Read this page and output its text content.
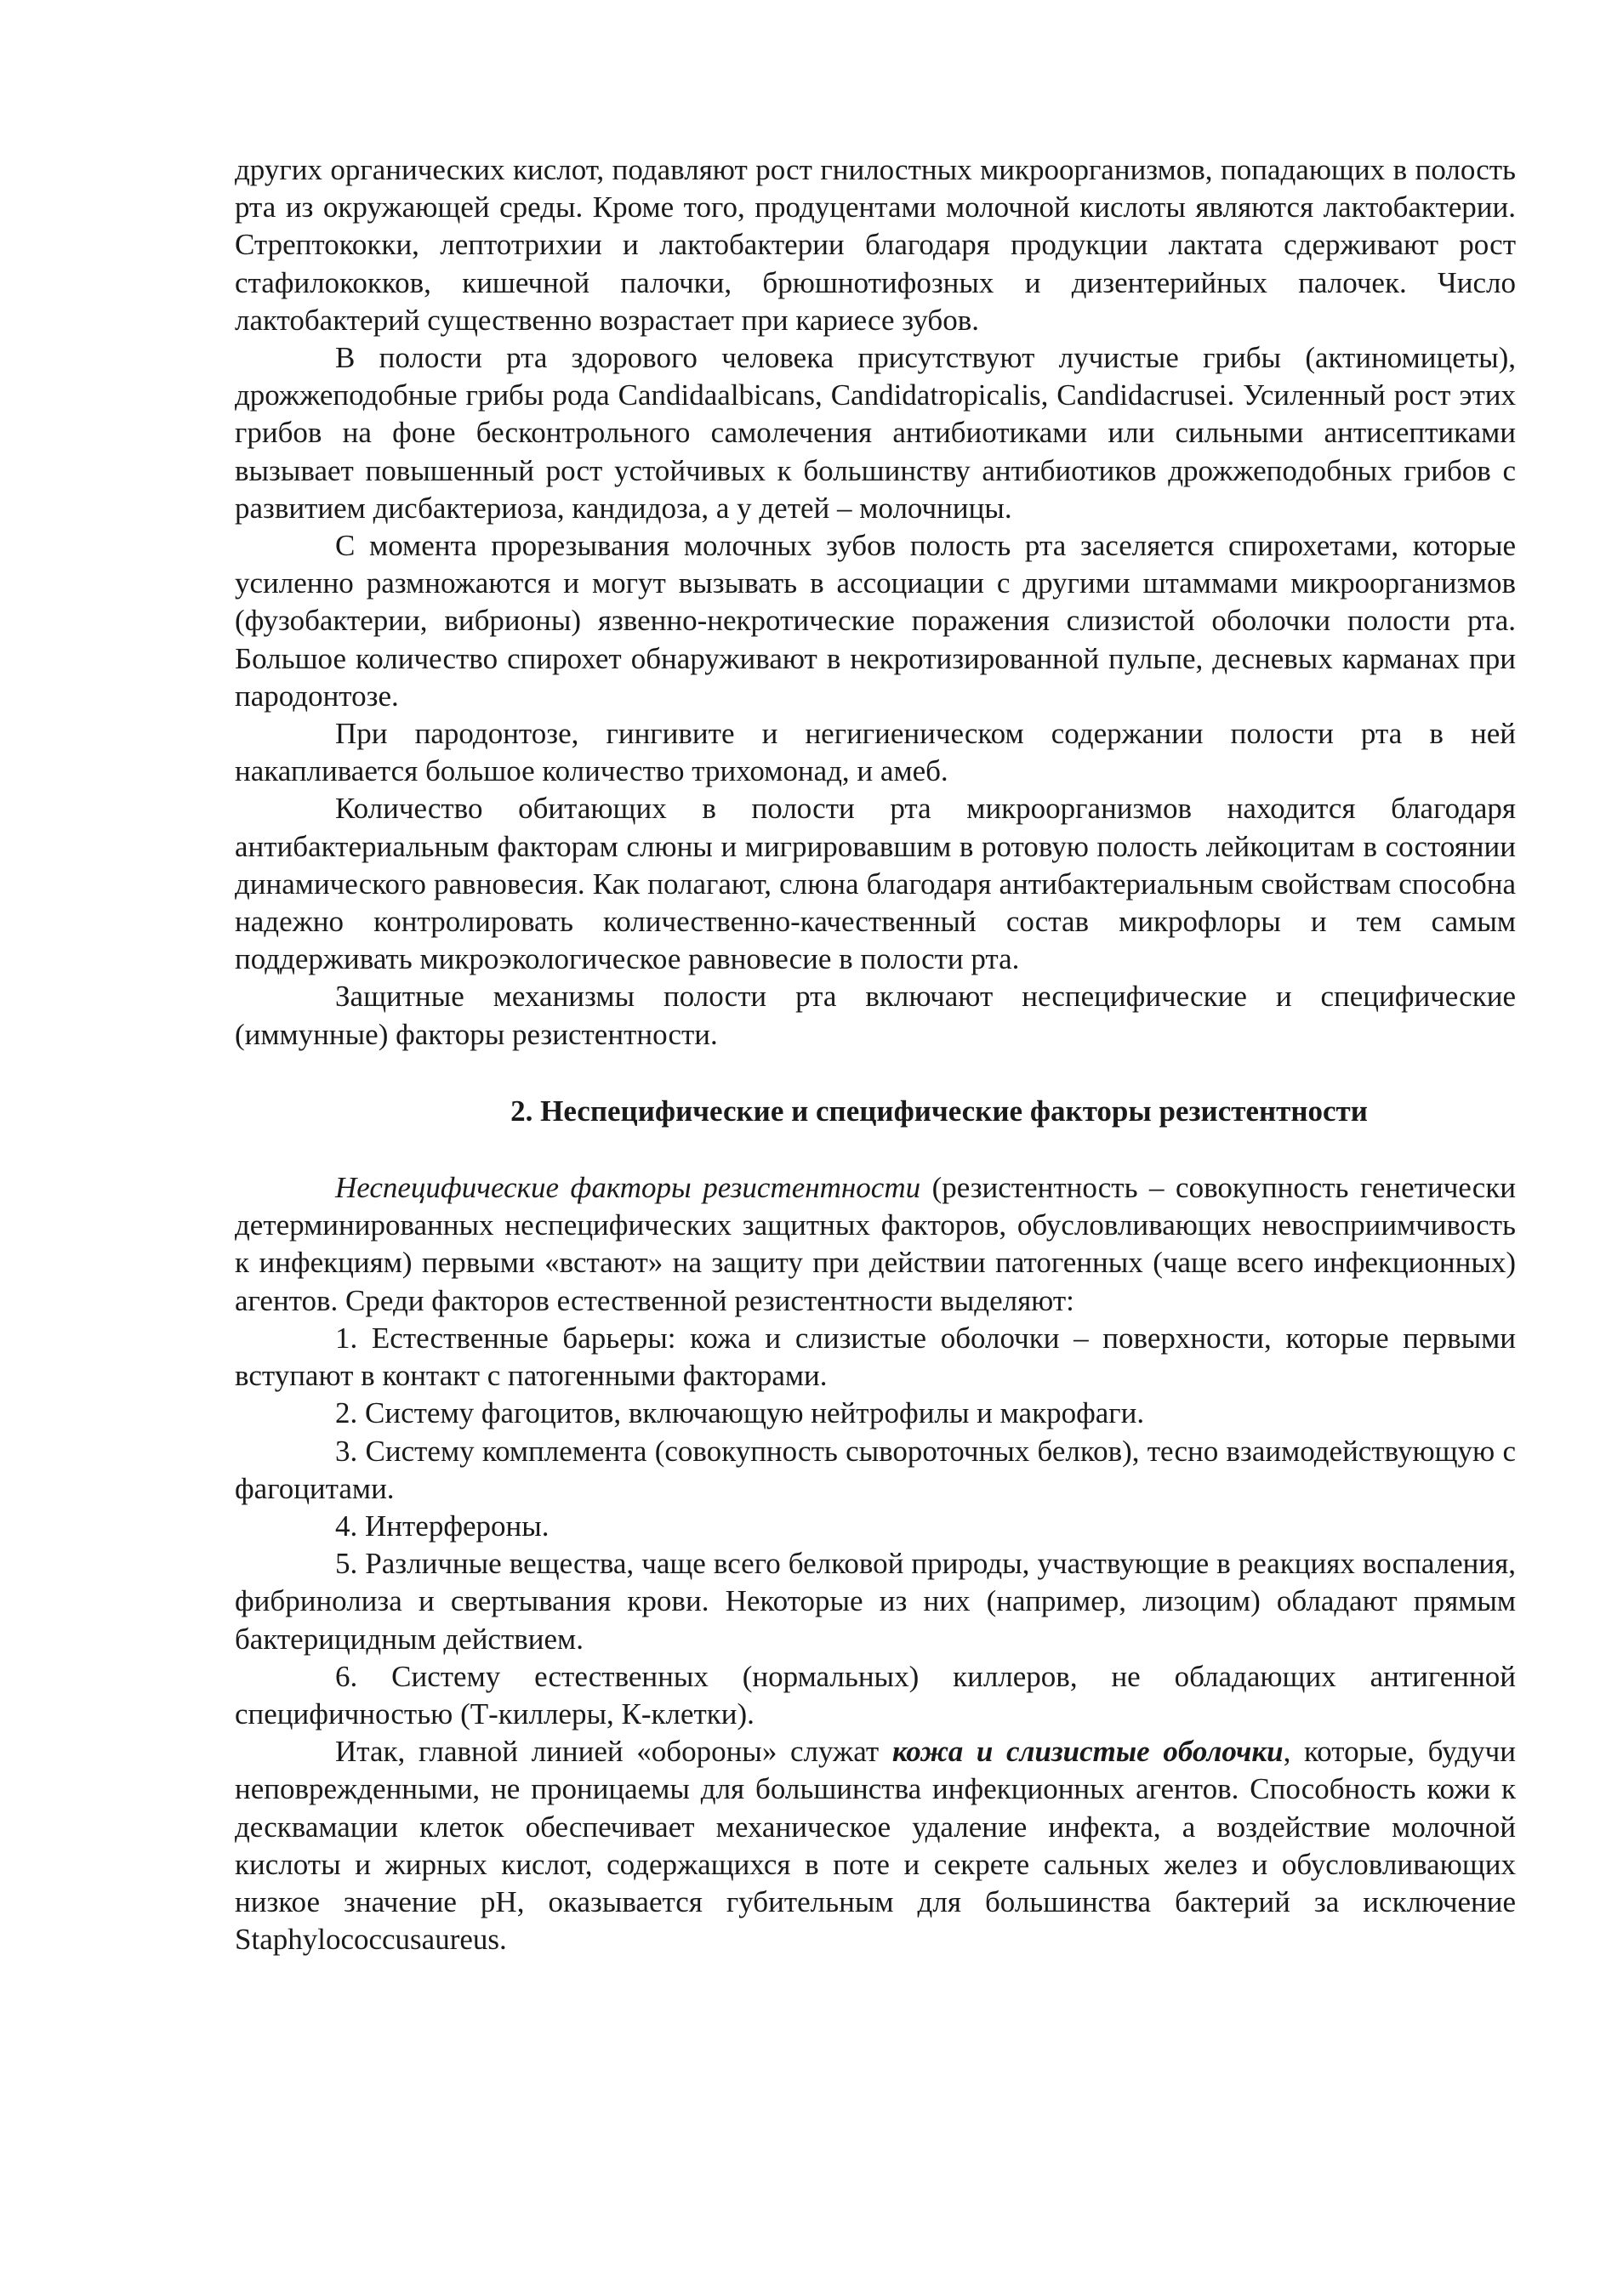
других органических кислот, подавляют рост гнилостных микроорганизмов, попадающих в полость рта из окружающей среды. Кроме того, продуцентами молочной кислоты являются лактобактерии. Стрептококки, лептотрихии и лактобактерии благодаря продукции лактата сдерживают рост стафилококков, кишечной палочки, брюшнотифозных и дизентерийных палочек. Число лактобактерий существенно возрастает при кариесе зубов.

В полости рта здорового человека присутствуют лучистые грибы (актиномицеты), дрожжеподобные грибы рода Candidaalbicans, Candidatropicalis, Candidacrusei. Усиленный рост этих грибов на фоне бесконтрольного самолечения антибиотиками или сильными антисептиками вызывает повышенный рост устойчивых к большинству антибиотиков дрожжеподобных грибов с развитием дисбактериоза, кандидоза, а у детей – молочницы.

С момента прорезывания молочных зубов полость рта заселяется спирохетами, которые усиленно размножаются и могут вызывать в ассоциации с другими штаммами микроорганизмов (фузобактерии, вибрионы) язвенно-некротические поражения слизистой оболочки полости рта. Большое количество спирохет обнаруживают в некротизированной пульпе, десневых карманах при пародонтозе.

При пародонтозе, гингивите и негигиеническом содержании полости рта в ней накапливается большое количество трихомонад, и амеб.

Количество обитающих в полости рта микроорганизмов находится благодаря антибактериальным факторам слюны и мигрировавшим в ротовую полость лейкоцитам в состоянии динамического равновесия. Как полагают, слюна благодаря антибактериальным свойствам способна надежно контролировать количественно-качественный состав микрофлоры и тем самым поддерживать микроэкологическое равновесие в полости рта.

Защитные механизмы полости рта включают неспецифические и специфические (иммунные) факторы резистентности.

2. Неспецифические и специфические факторы резистентности

Неспецифические факторы резистентности (резистентность – совокупность генетически детерминированных неспецифических защитных факторов, обусловливающих невосприимчивость к инфекциям) первыми «встают» на защиту при действии патогенных (чаще всего инфекционных) агентов. Среди факторов естественной резистентности выделяют:

1. Естественные барьеры: кожа и слизистые оболочки – поверхности, которые первыми вступают в контакт с патогенными факторами.

2. Систему фагоцитов, включающую нейтрофилы и макрофаги.

3. Систему комплемента (совокупность сывороточных белков), тесно взаимодействующую с фагоцитами.

4. Интерфероны.

5. Различные вещества, чаще всего белковой природы, участвующие в реакциях воспаления, фибринолиза и свертывания крови. Некоторые из них (например, лизоцим) обладают прямым бактерицидным действием.

6. Систему естественных (нормальных) киллеров, не обладающих антигенной специфичностью (Т-киллеры, К-клетки).

Итак, главной линией «обороны» служат кожа и слизистые оболочки, которые, будучи неповрежденными, не проницаемы для большинства инфекционных агентов. Способность кожи к десквамации клеток обеспечивает механическое удаление инфекта, а воздействие молочной кислоты и жирных кислот, содержащихся в поте и секрете сальных желез и обусловливающих низкое значение pH, оказывается губительным для большинства бактерий за исключение Staphylococcusaureus.
